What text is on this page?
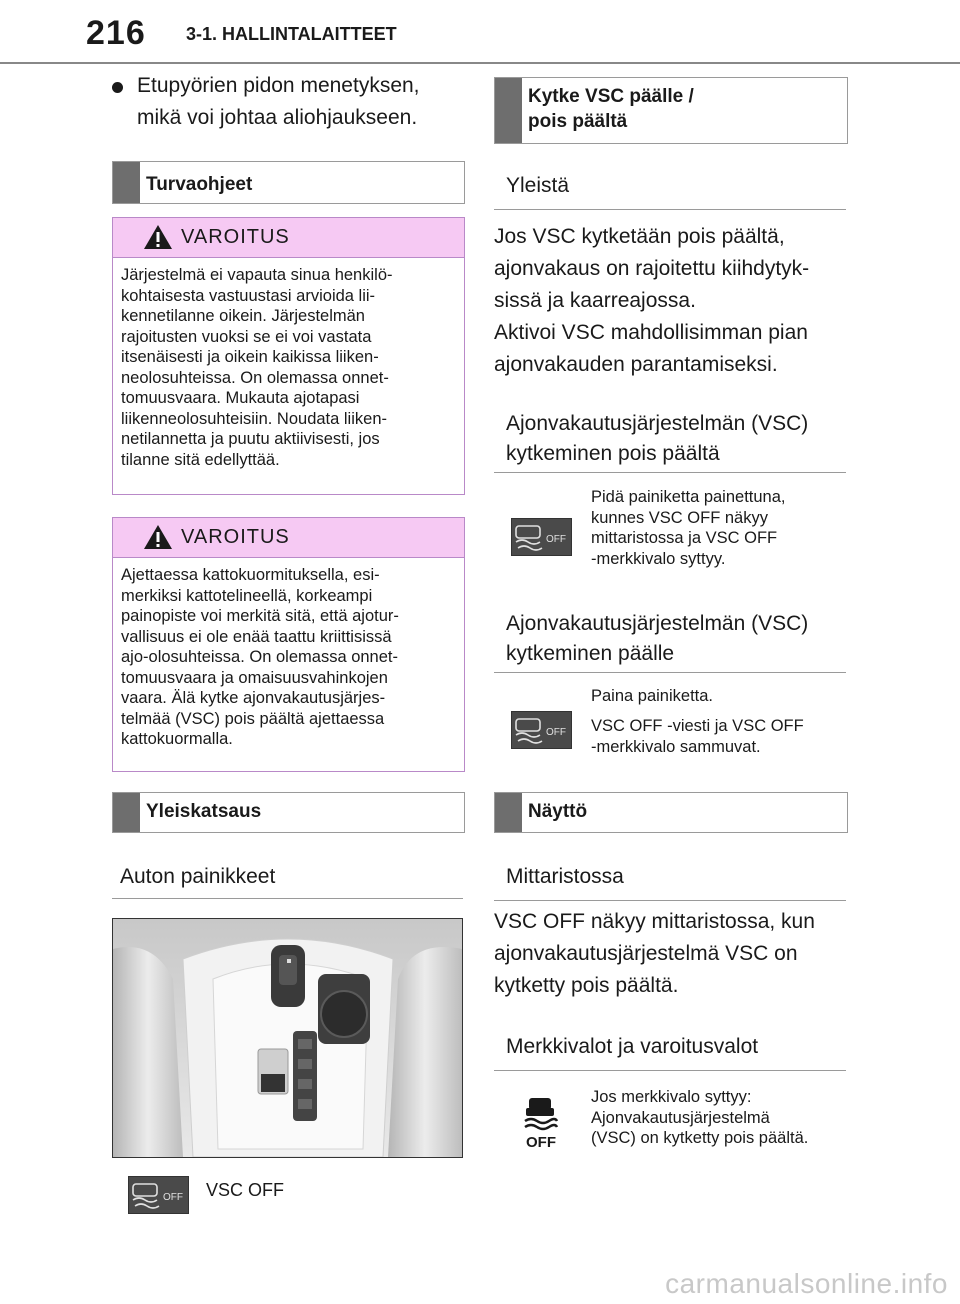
216 3-1. HALLINTALAITTEET
Etupyörien pidon menetyksen,
mikä voi johtaa aliohjaukseen.
Turvaohjeet
VAROITUS
Järjestelmä ei vapauta sinua henkilö-
kohtaisesta vastuustasi arvioida lii-
kennetilanne oikein. Järjestelmän
rajoitusten vuoksi se ei voi vastata
itsenäisesti ja oikein kaikissa liiken-
neolosuhteissa. On olemassa onnet-
tomuusvaara. Mukauta ajotapasi
liikenneolosuhteisiin. Noudata liiken-
netilannetta ja puutu aktiivisesti, jos
tilanne sitä edellyttää.
VAROITUS
Ajettaessa kattokuormituksella, esi-
merkiksi kattotelineellä, korkeampi
painopiste voi merkitä sitä, että ajotur-
vallisuus ei ole enää taattu kriittisissä
ajo-olosuhteissa. On olemassa onnet-
tomuusvaara ja omaisuusvahinkojen
vaara. Älä kytke ajonvakautusjärjes-
telmää (VSC) pois päältä ajettaessa
kattokuormalla.
Yleiskatsaus
Auton painikkeet
OFF VSC OFF
Kytke VSC päälle /
pois päältä
Yleistä
Jos VSC kytketään pois päältä,
ajonvakaus on rajoitettu kiihdytyk-
sissä ja kaarreajossa.
Aktivoi VSC mahdollisimman pian
ajonvakauden parantamiseksi.
Ajonvakautusjärjestelmän (VSC)
kytkeminen pois päältä
OFF
Pidä painiketta painettuna,
kunnes VSC OFF näkyy
mittaristossa ja VSC OFF
-merkkivalo syttyy.
Ajonvakautusjärjestelmän (VSC)
kytkeminen päälle
OFF
Paina painiketta.
VSC OFF -viesti ja VSC OFF
-merkkivalo sammuvat.
Näyttö
Mittaristossa
VSC OFF näkyy mittaristossa, kun
ajonvakautusjärjestelmä VSC on
kytketty pois päältä.
Merkkivalot ja varoitusvalot
OFF
Jos merkkivalo syttyy:
Ajonvakautusjärjestelmä
(VSC) on kytketty pois päältä.
carmanualsonline.info
